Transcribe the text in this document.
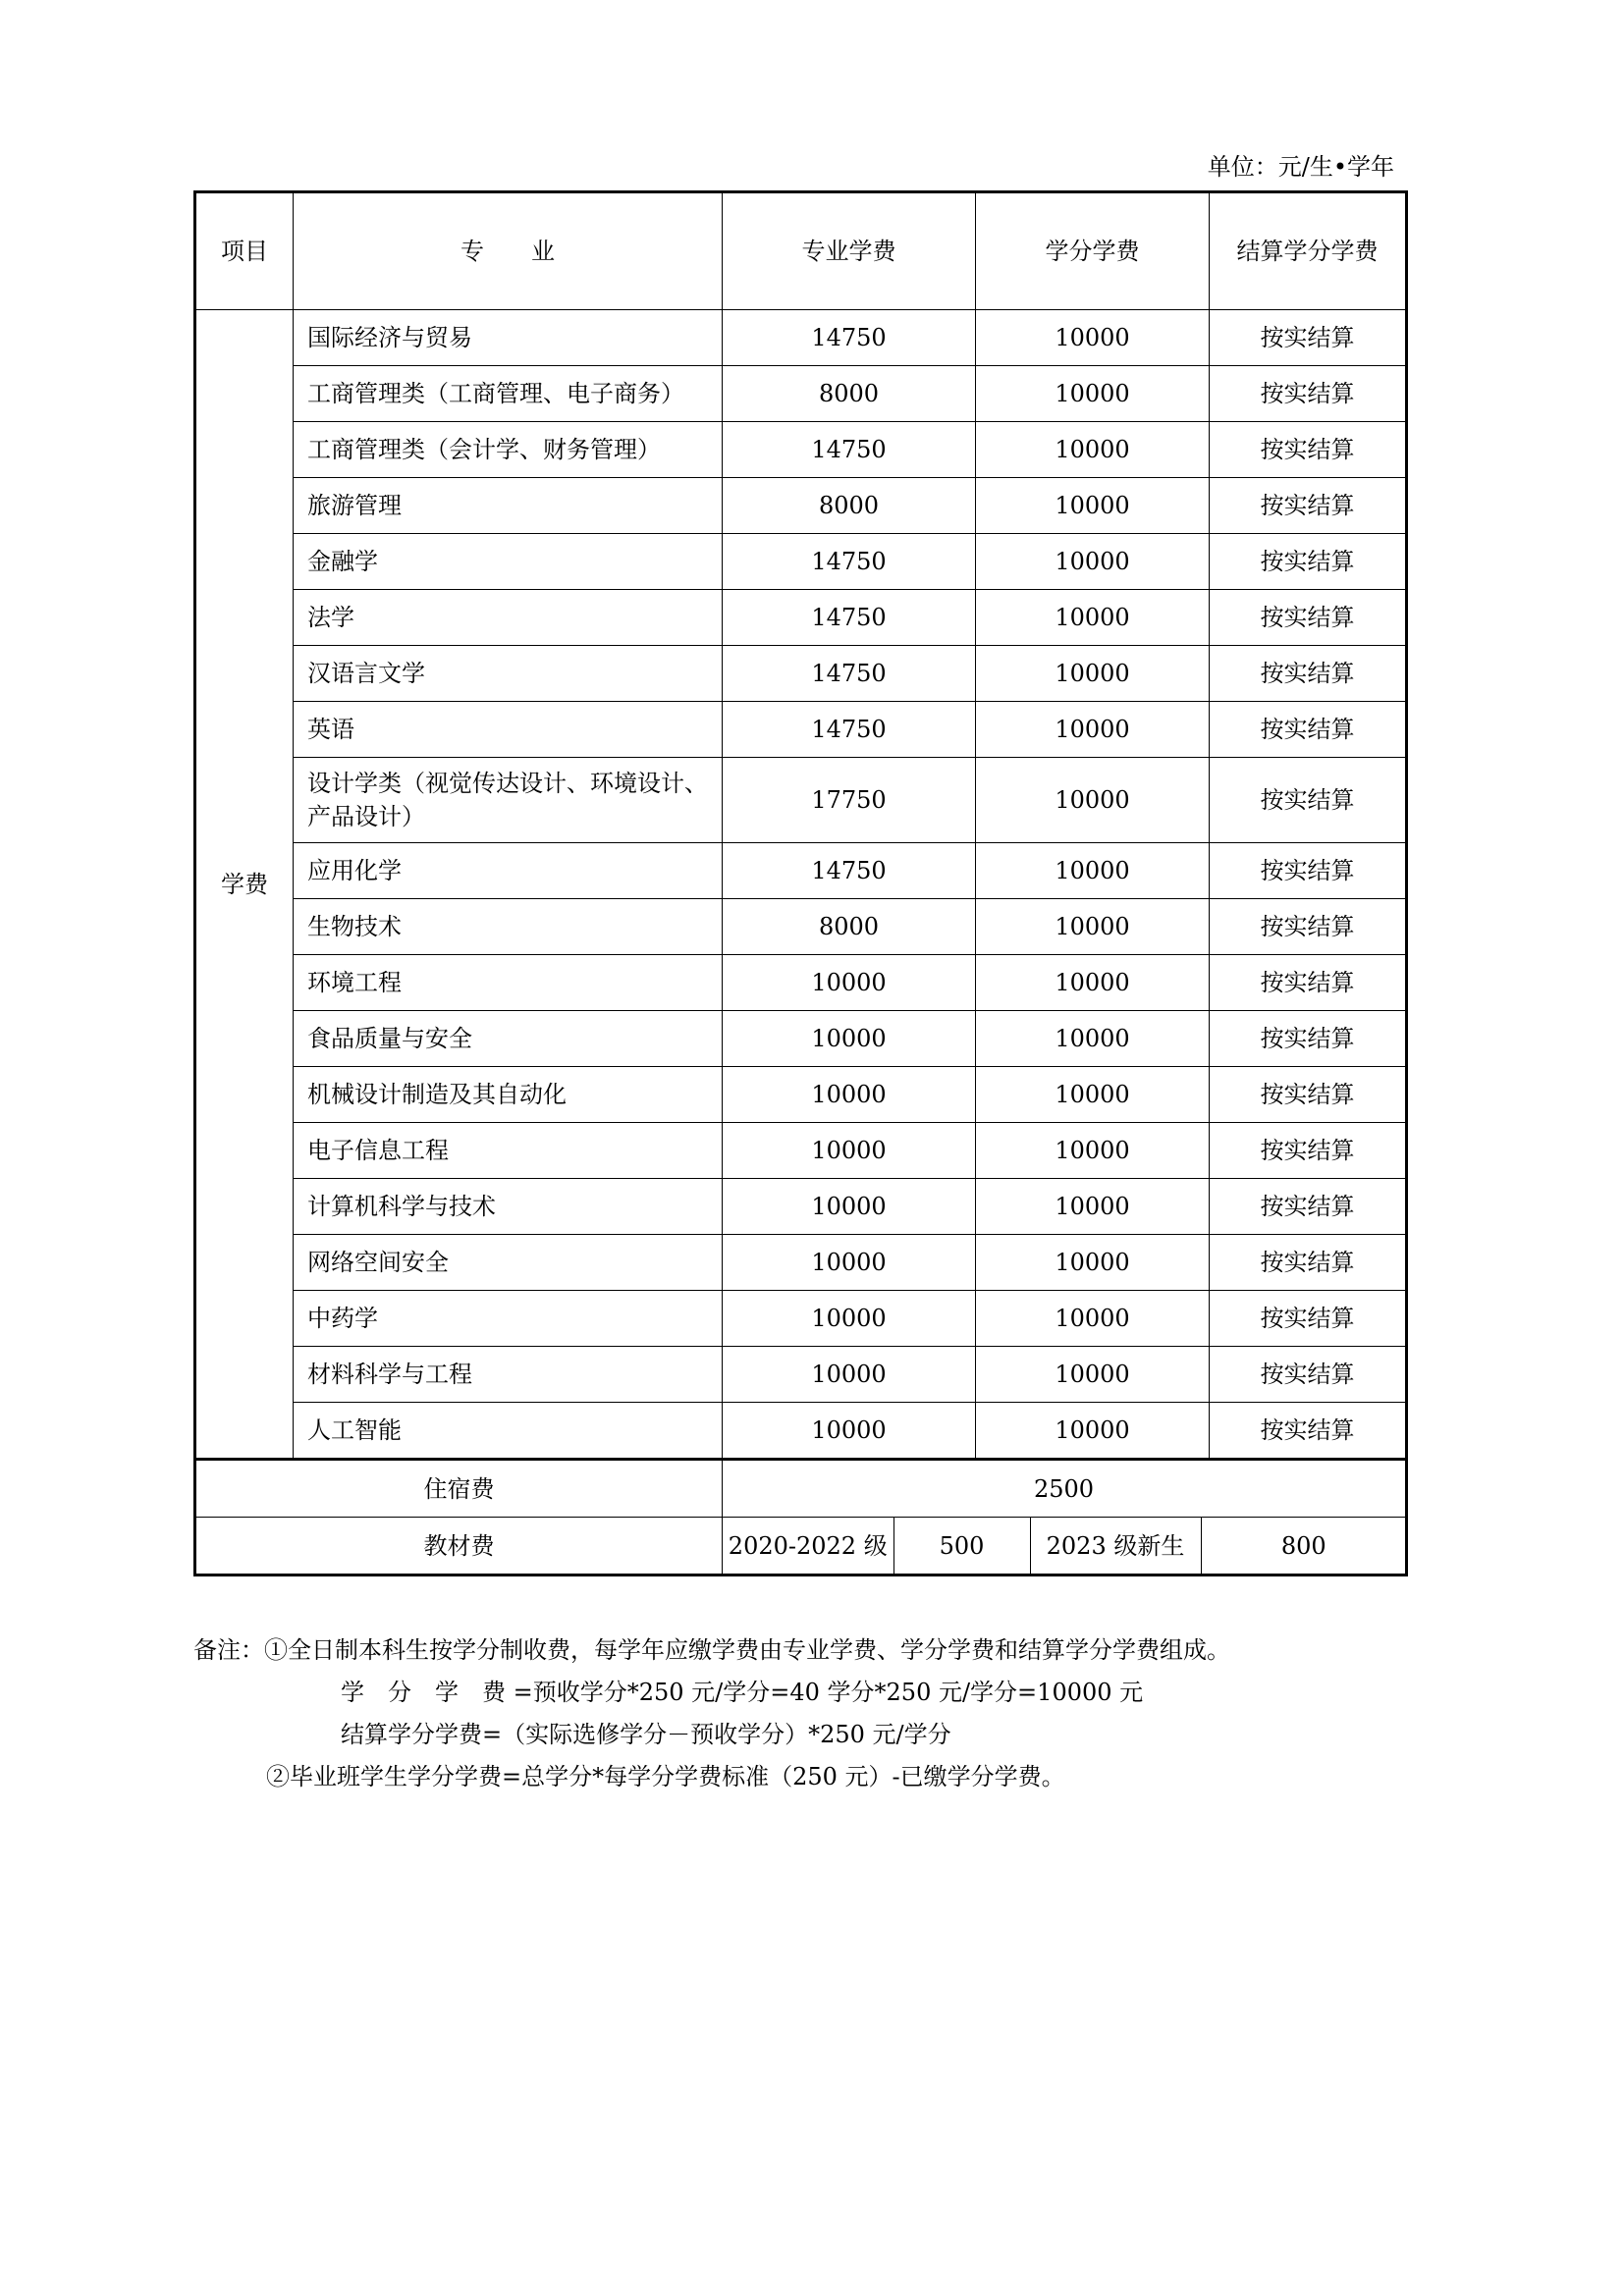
单位：元/生•学年
项目	专　　业	专业学费	学分学费	结算学分学费
学费	国际经济与贸易	14750	10000	按实结算
工商管理类（工商管理、电子商务）	8000	10000	按实结算
工商管理类（会计学、财务管理）	14750	10000	按实结算
旅游管理	8000	10000	按实结算
金融学	14750	10000	按实结算
法学	14750	10000	按实结算
汉语言文学	14750	10000	按实结算
英语	14750	10000	按实结算
设计学类（视觉传达设计、环境设计、产品设计）	17750	10000	按实结算
应用化学	14750	10000	按实结算
生物技术	8000	10000	按实结算
环境工程	10000	10000	按实结算
食品质量与安全	10000	10000	按实结算
机械设计制造及其自动化	10000	10000	按实结算
电子信息工程	10000	10000	按实结算
计算机科学与技术	10000	10000	按实结算
网络空间安全	10000	10000	按实结算
中药学	10000	10000	按实结算
材料科学与工程	10000	10000	按实结算
人工智能	10000	10000	按实结算
住宿费	2500
教材费		2020-2022 级	500	2023 级新生	800
备注：①全日制本科生按学分制收费，每学年应缴学费由专业学费、学分学费和结算学分学费组成。
学　分　学　费 =预收学分*250 元/学分=40 学分*250 元/学分=10000 元
结算学分学费=（实际选修学分－预收学分）*250 元/学分
②毕业班学生学分学费=总学分*每学分学费标准（250 元）-已缴学分学费。
